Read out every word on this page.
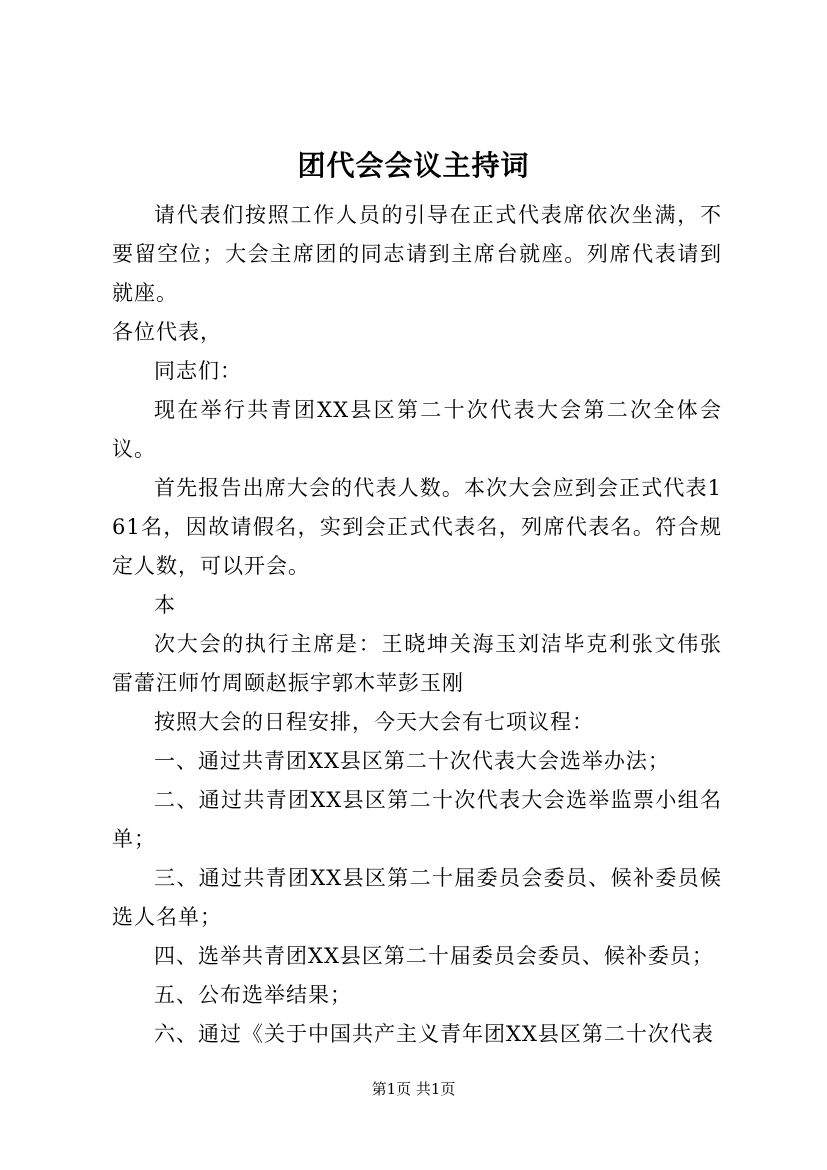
团代会会议主持词

请代表们按照工作人员的引导在正式代表席依次坐满，不要留空位；大会主席团的同志请到主席台就座。列席代表请到就座。

各位代表，

同志们：

现在举行共青团XX县区第二十次代表大会第二次全体会议。

首先报告出席大会的代表人数。本次大会应到会正式代表161名，因故请假名，实到会正式代表名，列席代表名。符合规定人数，可以开会。

本

次大会的执行主席是：王晓坤关海玉刘洁毕克利张文伟张雷蕾汪师竹周颐赵振宇郭木苹彭玉刚

按照大会的日程安排，今天大会有七项议程：

一、通过共青团XX县区第二十次代表大会选举办法；

二、通过共青团XX县区第二十次代表大会选举监票小组名单；

三、通过共青团XX县区第二十届委员会委员、候补委员候选人名单；

四、选举共青团XX县区第二十届委员会委员、候补委员；

五、公布选举结果；

六、通过《关于中国共产主义青年团XX县区第二十次代表

第1页 共1页
